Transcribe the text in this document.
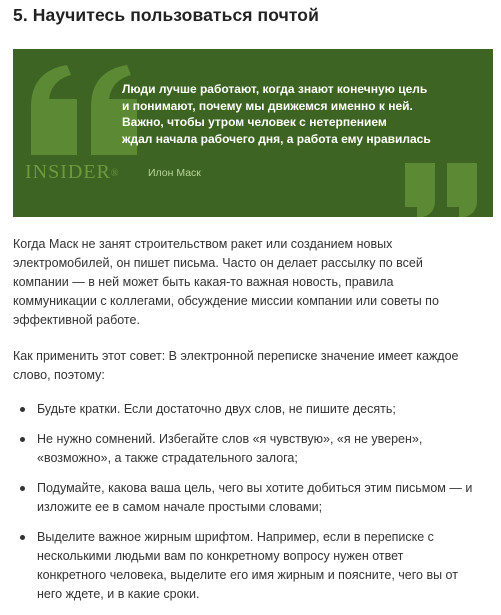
5. Научитесь пользоваться почтой
INSIDER®
Люди лучше работают, когда знают конечную цель
и понимают, почему мы движемся именно к ней.
Важно, чтобы утром человек с нетерпением
ждал начала рабочего дня, а работа ему нравилась
Илон Маск

Когда Маск не занят строительством ракет или созданием новых
электромобилей, он пишет письма. Часто он делает рассылку по всей
компании — в ней может быть какая-то важная новость, правила
коммуникации с коллегами, обсуждение миссии компании или советы по
эффективной работе.

Как применить этот совет: В электронной переписке значение имеет каждое
слово, поэтому:

Будьте кратки. Если достаточно двух слов, не пишите десять;
Не нужно сомнений. Избегайте слов «я чувствую», «я не уверен»,
«возможно», а также страдательного залога;
Подумайте, какова ваша цель, чего вы хотите добиться этим письмом — и
изложите ее в самом начале простыми словами;
Выделите важное жирным шрифтом. Например, если в переписке с
несколькими людьми вам по конкретному вопросу нужен ответ
конкретного человека, выделите его имя жирным и поясните, чего вы от
него ждете, и в какие сроки.
